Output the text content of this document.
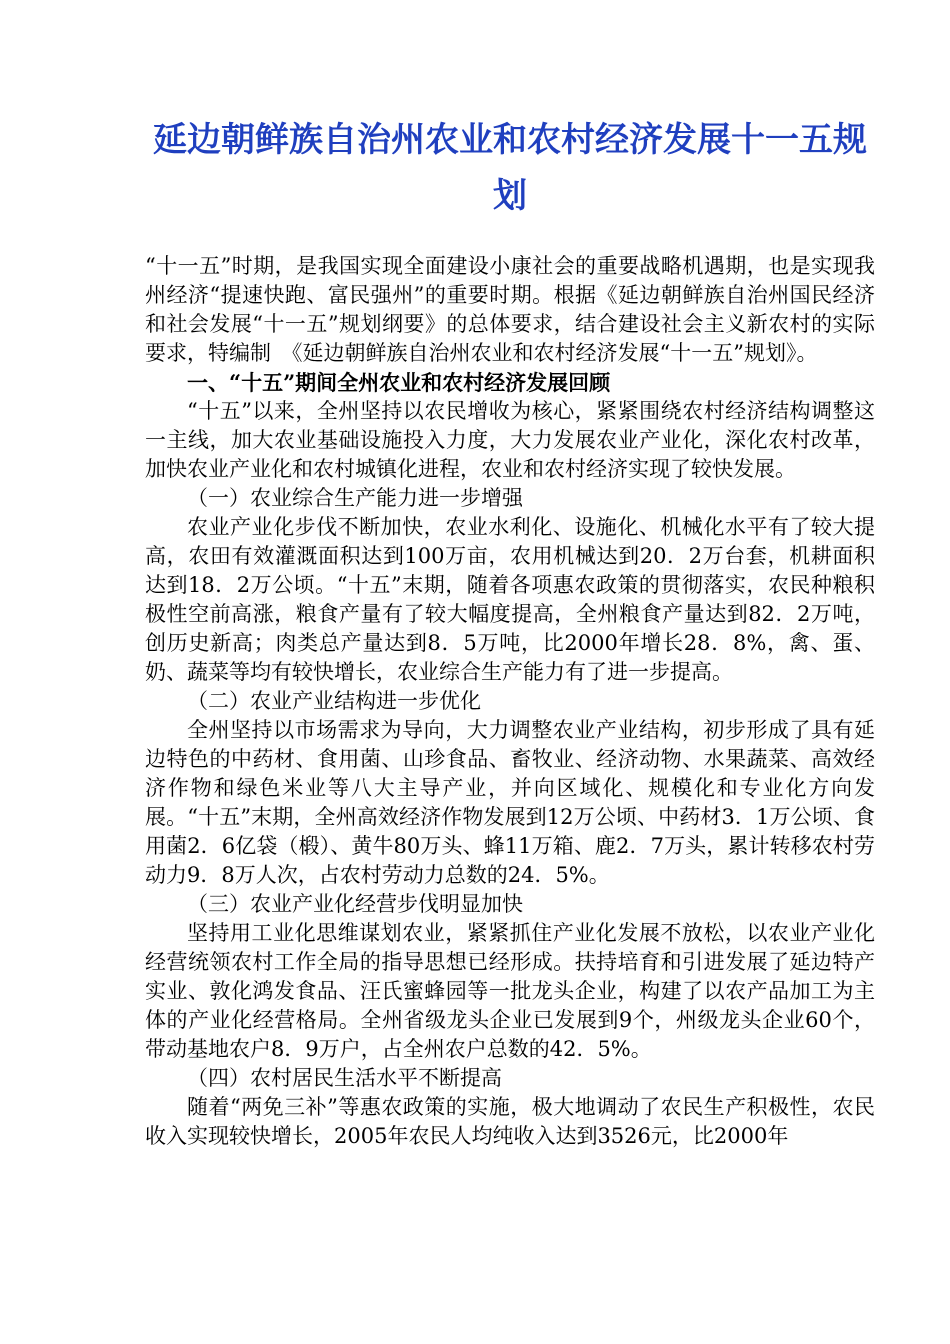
延边朝鲜族自治州农业和农村经济发展十一五规划

“十一五”时期，是我国实现全面建设小康社会的重要战略机遇期，也是实现我州经济“提速快跑、富民强州”的重要时期。根据《延边朝鲜族自治州国民经济和社会发展“十一五”规划纲要》的总体要求，结合建设社会主义新农村的实际要求，特编制　《延边朝鲜族自治州农业和农村经济发展“十一五”规划》。

一、“十五”期间全州农业和农村经济发展回顾

“十五”以来，全州坚持以农民增收为核心，紧紧围绕农村经济结构调整这一主线，加大农业基础设施投入力度，大力发展农业产业化，深化农村改革，加快农业产业化和农村城镇化进程，农业和农村经济实现了较快发展。

（一）农业综合生产能力进一步增强

农业产业化步伐不断加快，农业水利化、设施化、机械化水平有了较大提高，农田有效灌溉面积达到100万亩，农用机械达到20．2万台套，机耕面积达到18．2万公顷。“十五”末期，随着各项惠农政策的贯彻落实，农民种粮积极性空前高涨，粮食产量有了较大幅度提高，全州粮食产量达到82．2万吨，创历史新高；肉类总产量达到8．5万吨，比2000年增长28．8%，禽、蛋、奶、蔬菜等均有较快增长，农业综合生产能力有了进一步提高。

（二）农业产业结构进一步优化

全州坚持以市场需求为导向，大力调整农业产业结构，初步形成了具有延边特色的中药材、食用菌、山珍食品、畜牧业、经济动物、水果蔬菜、高效经济作物和绿色米业等八大主导产业，并向区域化、规模化和专业化方向发展。“十五”末期，全州高效经济作物发展到12万公顷、中药材3．1万公顷、食用菌2．6亿袋（椴）、黄牛80万头、蜂11万箱、鹿2．7万头，累计转移农村劳动力9．8万人次，占农村劳动力总数的24．5%。

（三）农业产业化经营步伐明显加快

坚持用工业化思维谋划农业，紧紧抓住产业化发展不放松，以农业产业化经营统领农村工作全局的指导思想已经形成。扶持培育和引进发展了延边特产实业、敦化鸿发食品、汪氏蜜蜂园等一批龙头企业，构建了以农产品加工为主体的产业化经营格局。全州省级龙头企业已发展到9个，州级龙头企业60个，带动基地农户8．9万户，占全州农户总数的42．5%。

（四）农村居民生活水平不断提高

随着“两免三补”等惠农政策的实施，极大地调动了农民生产积极性，农民收入实现较快增长，2005年农民人均纯收入达到3526元，比2000年
